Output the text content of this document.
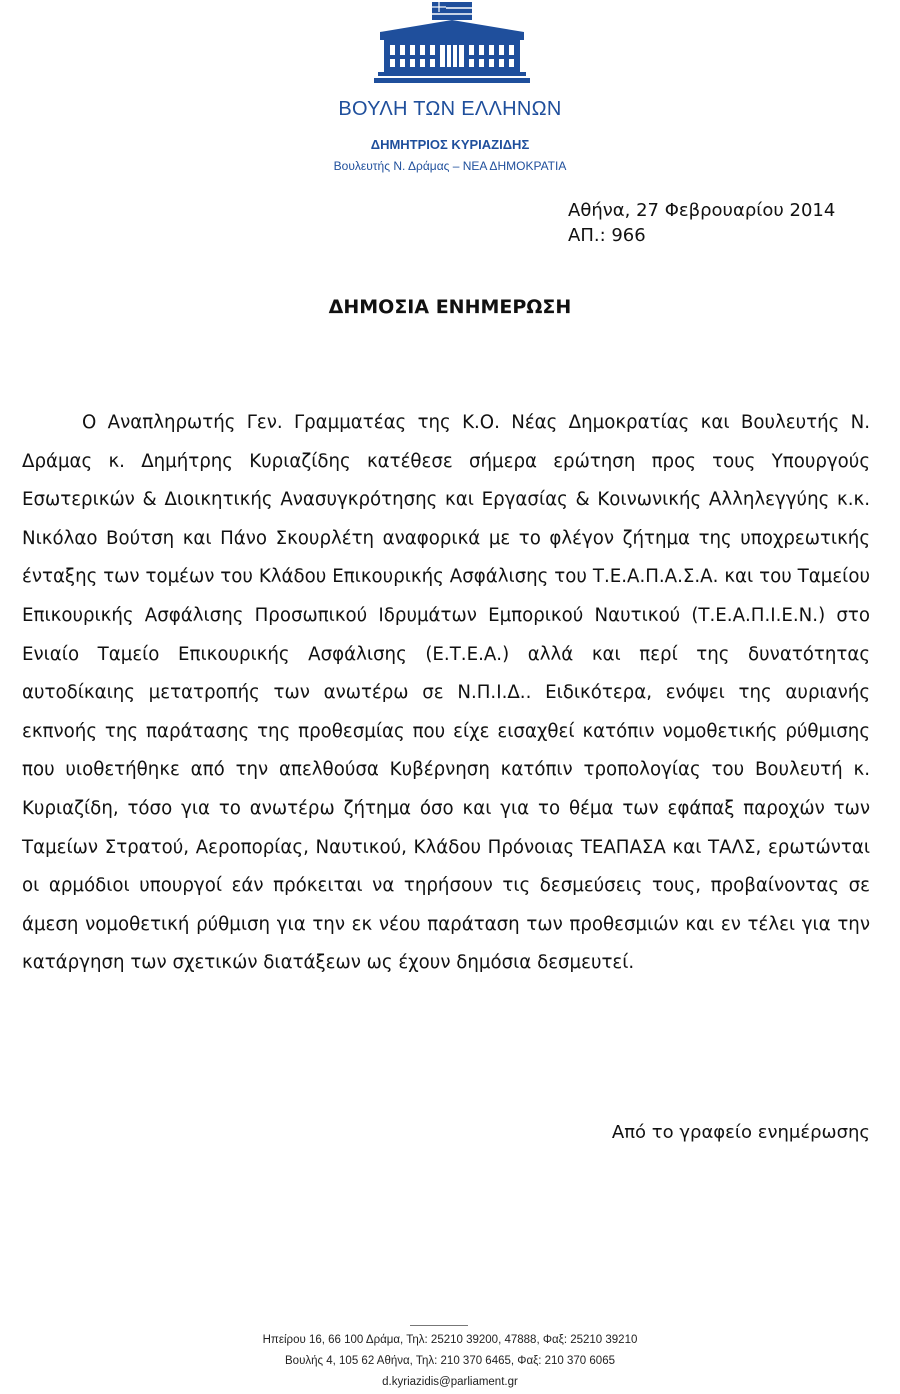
ΒΟΥΛΗ ΤΩΝ ΕΛΛΗΝΩΝ
ΔΗΜΗΤΡΙΟΣ ΚΥΡΙΑΖΙΔΗΣ
Βουλευτής Ν. Δράμας – ΝΕΑ ΔΗΜΟΚΡΑΤΙΑ
Αθήνα, 27 Φεβρουαρίου 2014
ΑΠ.: 966
ΔΗΜΟΣΙΑ ΕΝΗΜΕΡΩΣΗ

Ο Αναπληρωτής Γεν. Γραμματέας της Κ.Ο. Νέας Δημοκρατίας και Βουλευτής Ν. Δράμας κ. Δημήτρης Κυριαζίδης κατέθεσε σήμερα ερώτηση προς τους Υπουργούς Εσωτερικών & Διοικητικής Ανασυγκρότησης και Εργασίας & Κοινωνικής Αλληλεγγύης κ.κ. Νικόλαο Βούτση και Πάνο Σκουρλέτη αναφορικά με το φλέγον ζήτημα της υποχρεωτικής ένταξης των τομέων του Κλάδου Επικουρικής Ασφάλισης του Τ.Ε.Α.Π.Α.Σ.Α. και του Ταμείου Επικουρικής Ασφάλισης Προσωπικού Ιδρυμάτων Εμπορικού Ναυτικού (Τ.Ε.Α.Π.Ι.Ε.Ν.) στο Ενιαίο Ταμείο Επικουρικής Ασφάλισης (Ε.Τ.Ε.Α.) αλλά και περί της δυνατότητας αυτοδίκαιης μετατροπής των ανωτέρω σε Ν.Π.Ι.Δ.. Ειδικότερα, ενόψει της αυριανής εκπνοής της παράτασης της προθεσμίας που είχε εισαχθεί κατόπιν νομοθετικής ρύθμισης που υιοθετήθηκε από την απελθούσα Κυβέρνηση κατόπιν τροπολογίας του Βουλευτή κ. Κυριαζίδη, τόσο για το ανωτέρω ζήτημα όσο και για το θέμα των εφάπαξ παροχών των Ταμείων Στρατού, Αεροπορίας, Ναυτικού, Κλάδου Πρόνοιας ΤΕΑΠΑΣΑ και ΤΑΛΣ, ερωτώνται οι αρμόδιοι υπουργοί εάν πρόκειται να τηρήσουν τις δεσμεύσεις τους, προβαίνοντας σε άμεση νομοθετική ρύθμιση για την εκ νέου παράταση των προθεσμιών και εν τέλει για την κατάργηση των σχετικών διατάξεων ως έχουν δημόσια δεσμευτεί.

Από το γραφείο ενημέρωσης
Ηπείρου 16, 66 100 Δράμα, Τηλ: 25210 39200, 47888, Φαξ: 25210 39210
Βουλής 4, 105 62 Αθήνα, Τηλ: 210 370 6465, Φαξ: 210 370 6065
d.kyriazidis@parliament.gr
